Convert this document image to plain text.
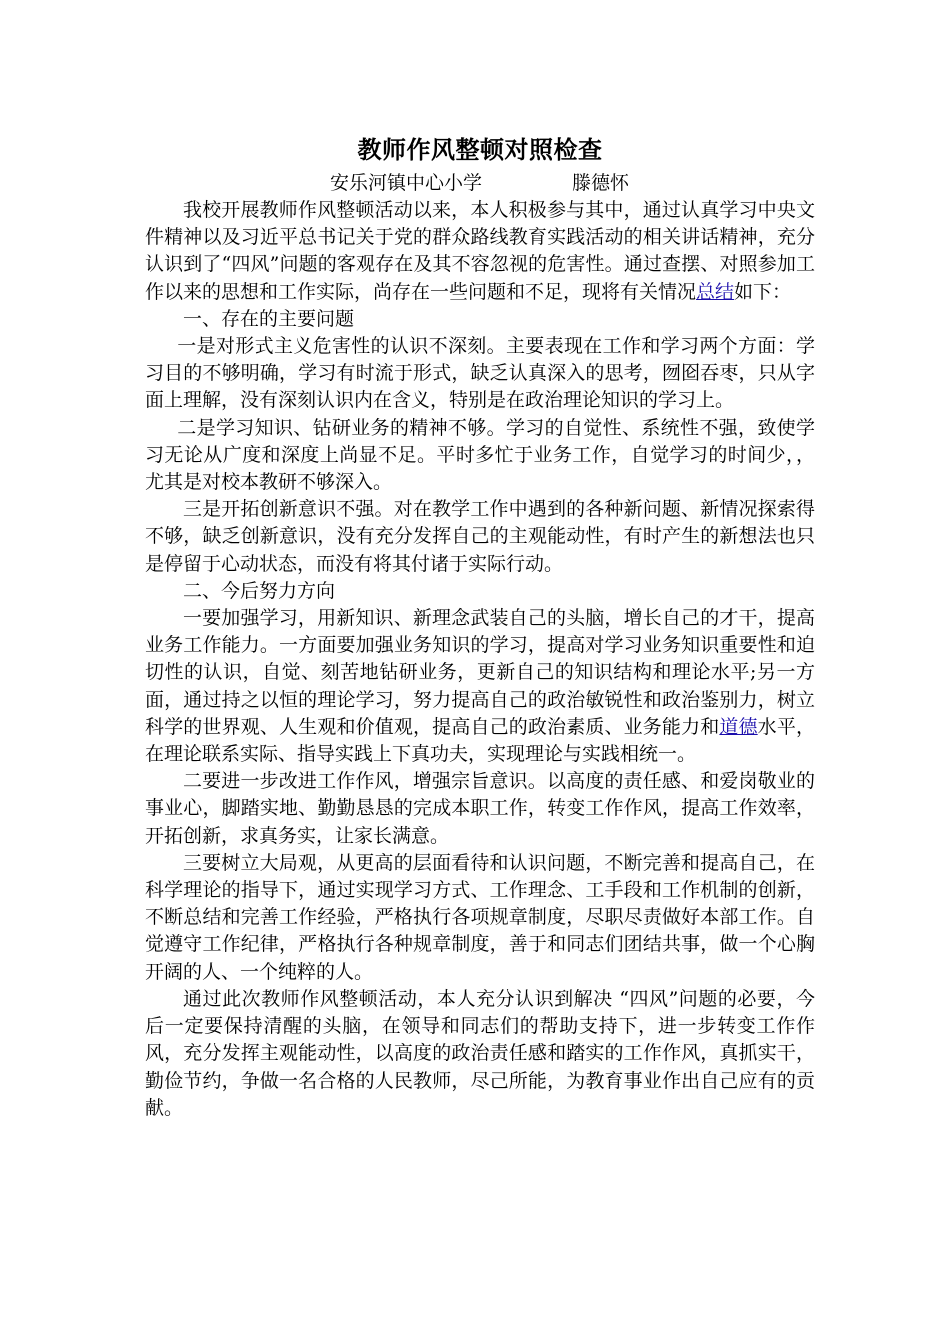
教师作风整顿对照检查
安乐河镇中心小学	滕德怀

我校开展教师作风整顿活动以来，本人积极参与其中，通过认真学习中央文件精神以及习近平总书记关于党的群众路线教育实践活动的相关讲话精神，充分认识到了“四风”问题的客观存在及其不容忽视的危害性。通过查摆、对照参加工作以来的思想和工作实际，尚存在一些问题和不足，现将有关情况总结如下：

一、存在的主要问题

一是对形式主义危害性的认识不深刻。主要表现在工作和学习两个方面：学习目的不够明确，学习有时流于形式，缺乏认真深入的思考，囫囵吞枣，只从字面上理解，没有深刻认识内在含义，特别是在政治理论知识的学习上。

二是学习知识、钻研业务的精神不够。学习的自觉性、系统性不强，致使学习无论从广度和深度上尚显不足。平时多忙于业务工作，自觉学习的时间少，，尤其是对校本教研不够深入。

三是开拓创新意识不强。对在教学工作中遇到的各种新问题、新情况探索得不够，缺乏创新意识，没有充分发挥自己的主观能动性，有时产生的新想法也只是停留于心动状态，而没有将其付诸于实际行动。

二、今后努力方向

一要加强学习，用新知识、新理念武装自己的头脑，增长自己的才干，提高业务工作能力。一方面要加强业务知识的学习，提高对学习业务知识重要性和迫切性的认识，自觉、刻苦地钻研业务，更新自己的知识结构和理论水平;另一方面，通过持之以恒的理论学习，努力提高自己的政治敏锐性和政治鉴别力，树立科学的世界观、人生观和价值观，提高自己的政治素质、业务能力和道德水平，在理论联系实际、指导实践上下真功夫，实现理论与实践相统一。

二要进一步改进工作作风，增强宗旨意识。以高度的责任感、和爱岗敬业的事业心，脚踏实地、勤勤恳恳的完成本职工作，转变工作作风，提高工作效率，开拓创新，求真务实，让家长满意。

三要树立大局观，从更高的层面看待和认识问题，不断完善和提高自己，在科学理论的指导下，通过实现学习方式、工作理念、工手段和工作机制的创新，不断总结和完善工作经验，严格执行各项规章制度，尽职尽责做好本部工作。自觉遵守工作纪律，严格执行各种规章制度，善于和同志们团结共事，做一个心胸开阔的人、一个纯粹的人。

通过此次教师作风整顿活动，本人充分认识到解决 “四风”问题的必要，今后一定要保持清醒的头脑，在领导和同志们的帮助支持下，进一步转变工作作风，充分发挥主观能动性，以高度的政治责任感和踏实的工作作风，真抓实干，勤俭节约，争做一名合格的人民教师，尽己所能，为教育事业作出自己应有的贡献。
